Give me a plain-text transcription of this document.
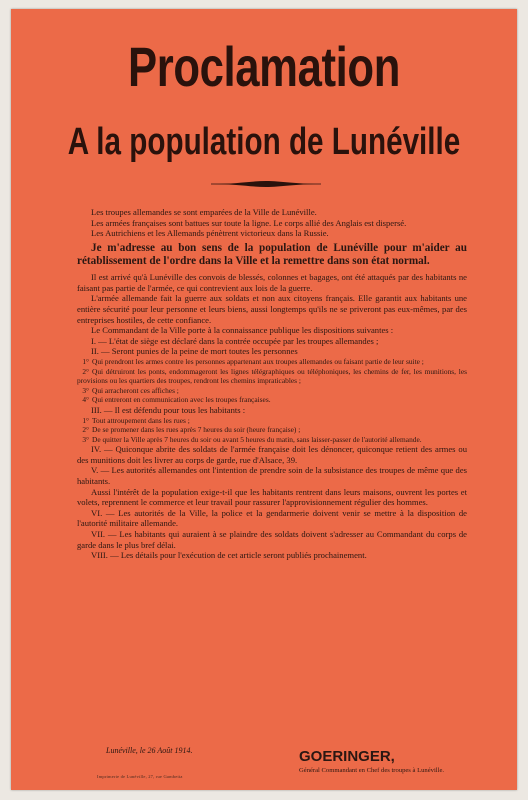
Proclamation
A la population de Lunéville

Les troupes allemandes se sont emparées de la Ville de Lunéville.

Les armées françaises sont battues sur toute la ligne. Le corps allié des Anglais est dispersé.

Les Autrichiens et les Allemands pénètrent victorieux dans la Russie.

Je m'adresse au bon sens de la population de Lunéville pour m'aider au rétablissement de l'ordre dans la Ville et la remettre dans son état normal.

Il est arrivé qu'à Lunéville des convois de blessés, colonnes et bagages, ont été attaqués par des habitants ne faisant pas partie de l'armée, ce qui contrevient aux lois de la guerre.

L'armée allemande fait la guerre aux soldats et non aux citoyens français. Elle garantit aux habitants une entière sécurité pour leur personne et leurs biens, aussi longtemps qu'ils ne se priveront pas eux-mêmes, par des entreprises hostiles, de cette confiance.

Le Commandant de la Ville porte à la connaissance publique les dispositions suivantes :

I. — L'état de siège est déclaré dans la contrée occupée par les troupes allemandes ;

II. — Seront punies de la peine de mort toutes les personnes

1° Qui prendront les armes contre les personnes appartenant aux troupes allemandes ou faisant partie de leur suite ;

2° Qui détruiront les ponts, endommageront les lignes télégraphiques ou téléphoniques, les chemins de fer, les munitions, les provisions ou les quartiers des troupes, rendront les chemins impraticables ;

3° Qui arracheront ces affiches ;

4° Qui entreront en communication avec les troupes françaises.

III. — Il est défendu pour tous les habitants :

1° Tout attroupement dans les rues ;

2° De se promener dans les rues après 7 heures du soir (heure française) ;

3° De quitter la Ville après 7 heures du soir ou avant 5 heures du matin, sans laisser-passer de l'autorité allemande.

IV. — Quiconque abrite des soldats de l'armée française doit les dénoncer, quiconque retient des armes ou des munitions doit les livrer au corps de garde, rue d'Alsace, 39.

V. — Les autorités allemandes ont l'intention de prendre soin de la subsistance des troupes de même que des habitants.

Aussi l'intérêt de la population exige-t-il que les habitants rentrent dans leurs maisons, ouvrent les portes et volets, reprennent le commerce et leur travail pour rassurer l'approvisionnement régulier des hommes.

VI. — Les autorités de la Ville, la police et la gendarmerie doivent venir se mettre à la disposition de l'autorité militaire allemande.

VII. — Les habitants qui auraient à se plaindre des soldats doivent s'adresser au Commandant du corps de garde dans le plus bref délai.

VIII. — Les détails pour l'exécution de cet article seront publiés prochainement.

Lunéville, le 26 Août 1914.	GOERINGER,
Général Commandant en Chef des troupes à Lunéville.
Imprimerie de Lunéville, 27, rue Gambetta
